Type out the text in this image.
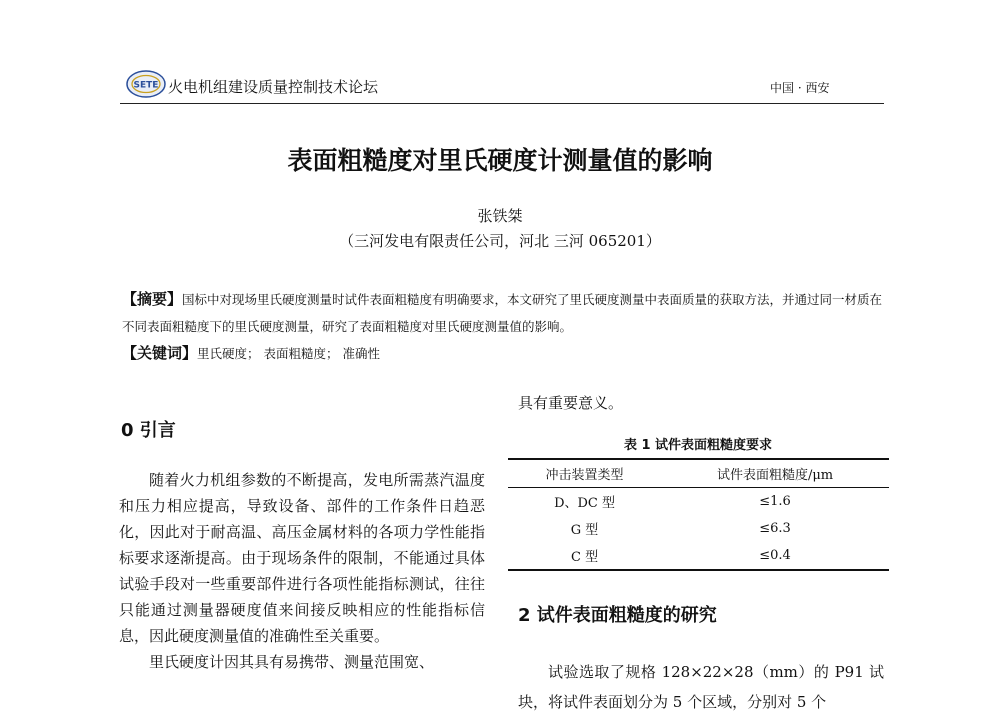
SETE 火电机组建设质量控制技术论坛	中国 · 西安
表面粗糙度对里氏硬度计测量值的影响
张铁桀
（三河发电有限责任公司，河北 三河 065201）

【摘要】国标中对现场里氏硬度测量时试件表面粗糙度有明确要求，本文研究了里氏硬度测量中表面质量的获取方法，并通过同一材质在不同表面粗糙度下的里氏硬度测量，研究了表面粗糙度对里氏硬度测量值的影响。

【关键词】里氏硬度； 表面粗糙度； 准确性

0 引言

随着火力机组参数的不断提高，发电所需蒸汽温度和压力相应提高，导致设备、部件的工作条件日趋恶化，因此对于耐高温、高压金属材料的各项力学性能指标要求逐渐提高。由于现场条件的限制，不能通过具体试验手段对一些重要部件进行各项性能指标测试，往往只能通过测量器硬度值来间接反映相应的性能指标信息，因此硬度测量值的准确性至关重要。

里氏硬度计因其具有易携带、测量范围宽、

具有重要意义。
表 1 试件表面粗糙度要求
冲击装置类型	试件表面粗糙度/μm
D、DC 型	≤1.6
G 型	≤6.3
C 型	≤0.4
2 试件表面粗糙度的研究

试验选取了规格 128×22×28（mm）的 P91 试块，将试件表面划分为 5 个区域，分别对 5 个
